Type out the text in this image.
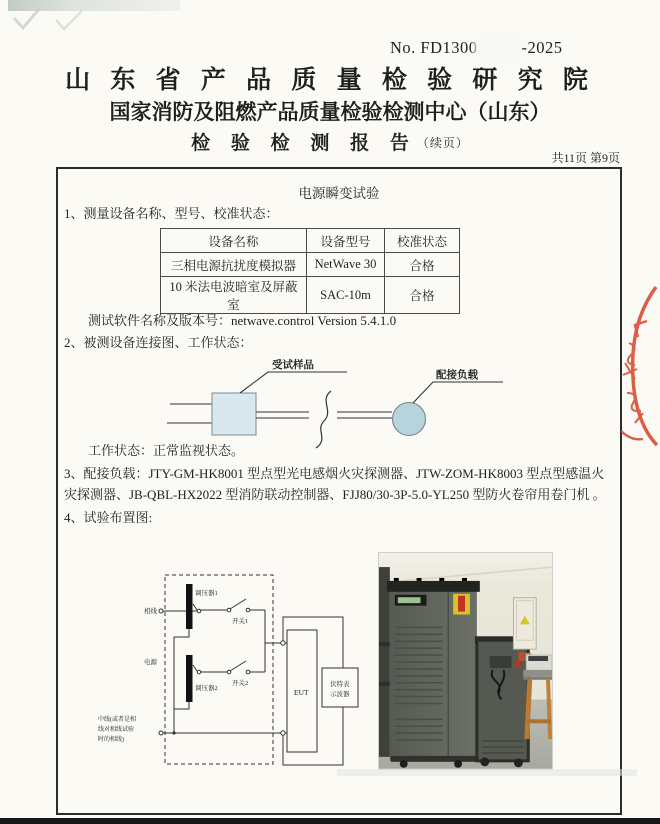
No. FD1300	-2025
山 东 省 产 品 质 量 检 验 研 究 院
国家消防及阻燃产品质量检验检测中心（山东）
检 验 检 测 报 告（续页）
共11页 第9页
电源瞬变试验
1、测量设备名称、型号、校准状态：
设备名称	设备型号	校准状态
三相电源抗扰度模拟器	NetWave 30	合格
10 米法电波暗室及屏蔽室	SAC-10m	合格
测试软件名称及版本号：netwave.control Version 5.4.1.0
2、被测设备连接图、工作状态：
受试样品
配接负载
工作状态：正常监视状态。
3、配接负载：JTY-GM-HK8001 型点型光电感烟火灾探测器、JTW-ZOM-HK8003 型点型感温火灾探测器、JB-QBL-HX2022 型消防联动控制器、FJJ80/30-3P-5.0-YL250 型防火卷帘用卷门机 。
4、试验布置图:
相线
电源
中线(或者是相
线对相线试验
时的相线)
调压器1
调压器2
开关1
开关2
EUT
伏特表
示波器
